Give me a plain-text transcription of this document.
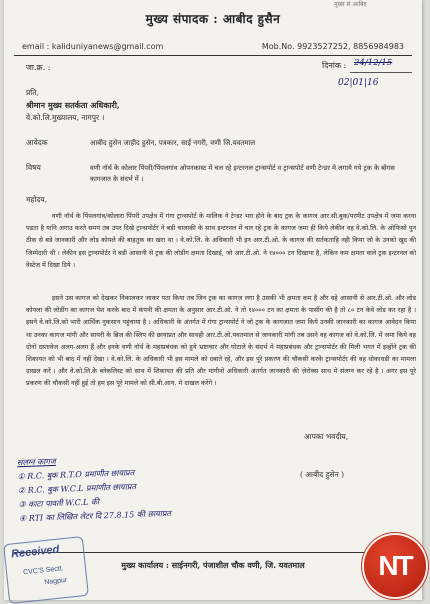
मुख्य सं आबिद
मुख्य संपादक : आबीद हुसैन
email : kaliduniyanews@gmail.com	Mob.No. 9923527252, 8856984983
जा.क्र. :	दिनांक : 24/12/15
02|01|16
प्रति,
श्रीमान मुख्य सतर्कता अधिकारी,
वे.को.लि.मुख्यालय, नागपुर ।
आवेदक	आबीद हुसेन जाहीद हुसेन, पत्रकार, साई नगरी, वणी जि.यवतमाल
विषय	वणी नॉर्थ के कोलार पिंपरी/पिंपलगांव ओपनकास्ट में चल रहे इन्टरनल ट्रान्सपोर्ट व ट्रान्सपोर्ट वणी टेन्डर मे लगाये गये ट्रक के बोगस कागजात के संदर्भ में ।
महोदय,
वणी नॉर्थ के पिंपलगांव/कोलारा पिंपरी उपक्षेत्र में गंगा ट्रान्सपोर्ट के मालिक ने टेन्डर भरा होने के बाद ट्रक के कागज आर.सी.बुक/परमीट उपक्षेत्र में जमा करना पडता है यानि अगाउ करते समय तब उपर दिखे ट्रान्सपोर्टर ने बडी चालाकी के साथ इन्टरनल में चल रहे ट्रक के कागज जमा ही किये लेकीन वह वे.को.लि. के ओफिसो पुन ठीक से बडे जानकारी और लोड कोयले की बाहतुक का खरा था । वे.को.लि. के अधिकारी भी इन आर.टी.ओ. के कागज की सर्तकताहि नही किया जो के उनको खुद की जिम्मेदारी थी । लेकीन इस ट्रान्सपोर्टर ने बडी आसानी से ट्रक की लोडींग क्षमता दिखाई, जो आर.टी.ओ. ने १४००० टन दिखाया है, लेकिन कम क्षमता वाले ट्रक इन्टरनल को वेस्टेज में दिखा दिये ।
इसने उस कागज को देखकर निकालकर जाकर पता किया तब जिन ट्रक का कागज लगा है उसकी भी क्षमता कम है और वहे आसानी से आर.टी.ओ. और लोड कोयला की लोडींग का कागज पेश करके बाद में कंपनी की क्षमता के अनुसार आर.टी.ओ. ने तो १४००० टन का क्षमता के पासींग की है तो ८० टन केवे लोड कर रहा है । इसने वे.को.लि.को भारी आर्थिक नुकसान पहुंचाया है । अधिकारी के अंतर्गत में गंगा ट्रान्सपोर्ट ने जो ट्रक के कागजात जमा किये उनकी जानकारी का कागज आवेदन किया था उनका कागज मांगी और सायरी के ब्रिज की स्लिप की छायाप्रत और साथही आर.टी.ओ.यवतमाल से जानकारी मांगी तब उसने वह कागज को वे.को.लि. में जमा किये वह दोनो दस्तावेज अलग-अलग हैं और इनके वणी नॉर्थ के महाप्रबंधक को हुये भ्रष्टाचार और घोटाले के संदर्भ मे महाप्रबंधक और ट्रान्सपोर्टर की मिली भगत में इन्होंने ट्रक की शिकायत को भी बाद में नहीं देखा । वे.को.लि. के अधिकारी भी इस मामले को दबाते रहे, और इस पूरे प्रकरण की चौकसी करके ट्रान्सपोर्टर की वह धोकाधडी का मामला दाखल करें । और वे.को.लि.के ब्लेकलिस्ट को साथ में शिकायत की प्रति और मांगीनो अधिकारी अंतर्गत जानकारी की ज़ेरोक्स साथ मे संलग्न कर रहे है । अगर इस पूरे प्रकरण की चौकसी नहीं हुई तो हम इस पूरे मामले को सी.बी.आय. मे दाखल करेंगे ।
आपका भवदीय,
( आबीद हुसेन )
संलग्न कागज
① R.C. बुक R.T.O प्रमाणीत छायाप्रत
② R.C. बुक W.C.L प्रमाणीत छायाप्रत
③ काटा पावती W.C.L की
④ RTI का लिखित लेटर दि 27.8.15 की छायाप्रत
मुख्य कार्यालय : साईनगरी, पंजाशील चौक वणी, जि. यवतमाल
Received
CVC'S Sectt.
Nagpur
NT
